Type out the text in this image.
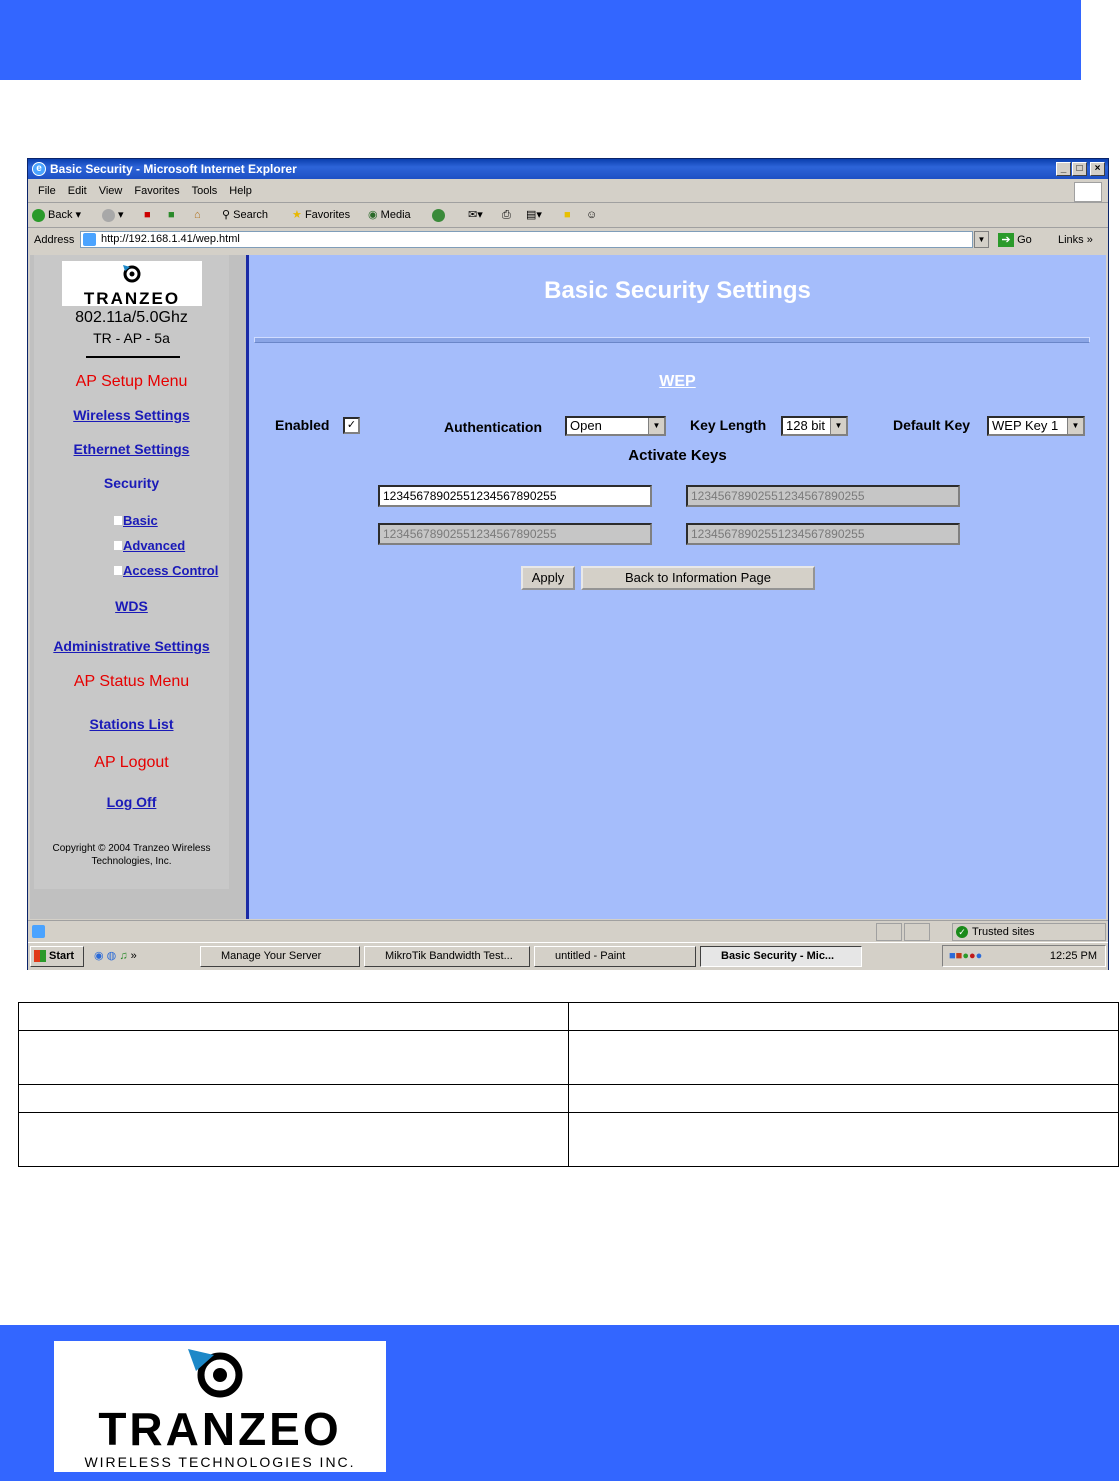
e Basic Security - Microsoft Internet Explorer	_	□	×
File Edit View Favorites Tools Help
Back ▾	▾ ■ ■ ⌂ ⚲ Search ★ Favorites ◉ Media	✉▾ ⎙ ▤▾ ■ ☺
Address	http://192.168.1.41/wep.html	▼	➔ Go Links »
TRANZEO
802.11a/5.0Ghz
TR - AP - 5a
AP Setup Menu
Wireless Settings
Ethernet Settings
Security
Basic
Advanced
Access Control
WDS
Administrative Settings
AP Status Menu
Stations List
AP Logout
Log Off
Copyright © 2004 Tranzeo Wireless
Technologies, Inc.
Basic Security Settings
WEP
Enabled	✓	Authentication	Open	▼ Key Length	128 bit	▼	Default Key	WEP Key 1	▼
Activate Keys
12345678902551234567890255	12345678902551234567890255
12345678902551234567890255	12345678902551234567890255
Apply	Back to Information Page
✓ Trusted sites
Start	◉ ◍ ♫ »	Manage Your Server	MikroTik Bandwidth Test...	untitled - Paint	Basic Security - Mic...	■■●●●	12:25 PM

TRANZEO
WIRELESS TECHNOLOGIES INC.
